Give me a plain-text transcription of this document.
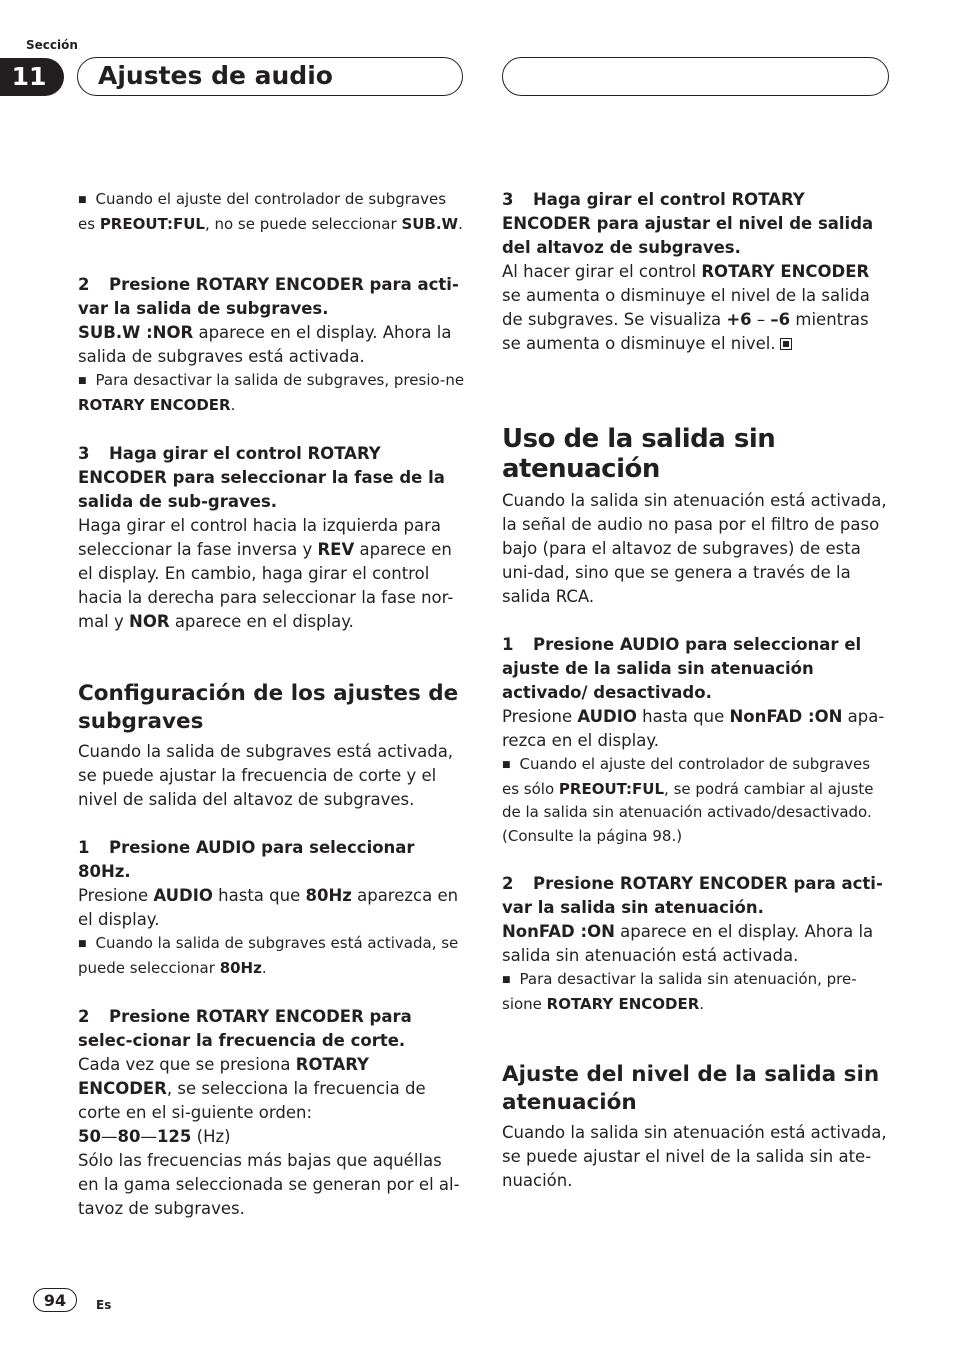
Sección
11	Ajustes de audio

■ Cuando el ajuste del controlador de subgraves es PREOUT:FUL, no se puede seleccionar SUB.W.

2 Presione ROTARY ENCODER para acti-var la salida de subgraves.

SUB.W :NOR aparece en el display. Ahora la salida de subgraves está activada.

■ Para desactivar la salida de subgraves, presio-ne ROTARY ENCODER.

3 Haga girar el control ROTARY ENCODER para seleccionar la fase de la salida de sub-graves.

Haga girar el control hacia la izquierda para seleccionar la fase inversa y REV aparece en el display. En cambio, haga girar el control hacia la derecha para seleccionar la fase nor-mal y NOR aparece en el display.

Configuración de los ajustes de subgraves

Cuando la salida de subgraves está activada, se puede ajustar la frecuencia de corte y el nivel de salida del altavoz de subgraves.

1 Presione AUDIO para seleccionar 80Hz.

Presione AUDIO hasta que 80Hz aparezca en el display.

■ Cuando la salida de subgraves está activada, se puede seleccionar 80Hz.

2 Presione ROTARY ENCODER para selec-cionar la frecuencia de corte.

Cada vez que se presiona ROTARY ENCODER, se selecciona la frecuencia de corte en el si-guiente orden:

50—80—125 (Hz)

Sólo las frecuencias más bajas que aquéllas en la gama seleccionada se generan por el al-tavoz de subgraves.

3 Haga girar el control ROTARY ENCODER para ajustar el nivel de salida del altavoz de subgraves.

Al hacer girar el control ROTARY ENCODER se aumenta o disminuye el nivel de la salida de subgraves. Se visualiza +6 – –6 mientras se aumenta o disminuye el nivel.

Uso de la salida sin atenuación

Cuando la salida sin atenuación está activada, la señal de audio no pasa por el filtro de paso bajo (para el altavoz de subgraves) de esta uni-dad, sino que se genera a través de la salida RCA.

1 Presione AUDIO para seleccionar el ajuste de la salida sin atenuación activado/ desactivado.

Presione AUDIO hasta que NonFAD :ON apa-rezca en el display.

■ Cuando el ajuste del controlador de subgraves es sólo PREOUT:FUL, se podrá cambiar al ajuste de la salida sin atenuación activado/desactivado. (Consulte la página 98.)

2 Presione ROTARY ENCODER para acti-var la salida sin atenuación.

NonFAD :ON aparece en el display. Ahora la salida sin atenuación está activada.

■ Para desactivar la salida sin atenuación, pre-sione ROTARY ENCODER.

Ajuste del nivel de la salida sin atenuación

Cuando la salida sin atenuación está activada, se puede ajustar el nivel de la salida sin ate-nuación.

94	Es
